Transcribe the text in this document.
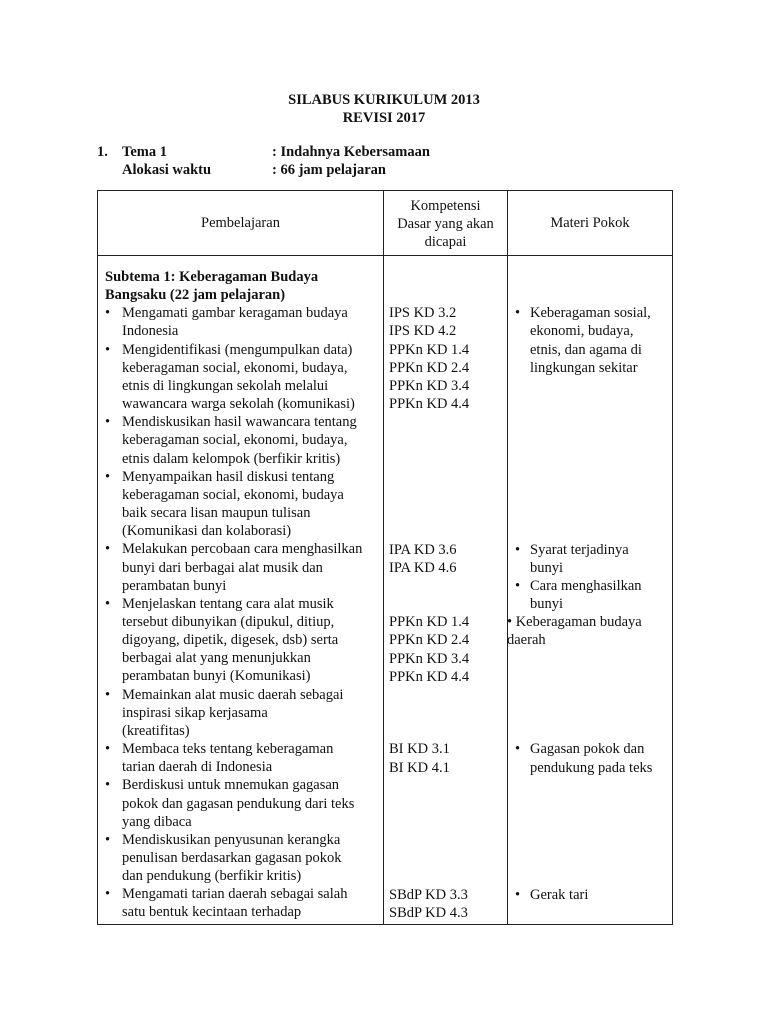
SILABUS KURIKULUM 2013
REVISI 2017
1. Tema 1	: Indahnya Kebersamaan
Alokasi waktu	: 66 jam pelajaran
Pembelajaran
Kompetensi
Dasar yang akan
dicapai
Materi Pokok
Subtema 1: Keberagaman Budaya
Bangsaku (22 jam pelajaran)
• Mengamati gambar keragaman budaya
Indonesia
• Mengidentifikasi (mengumpulkan data)
keberagaman social, ekonomi, budaya,
etnis di lingkungan sekolah melalui
wawancara warga sekolah (komunikasi)
• Mendiskusikan hasil wawancara tentang
keberagaman social, ekonomi, budaya,
etnis dalam kelompok (berfikir kritis)
• Menyampaikan hasil diskusi tentang
keberagaman social, ekonomi, budaya
baik secara lisan maupun tulisan
(Komunikasi dan kolaborasi)
• Melakukan percobaan cara menghasilkan
bunyi dari berbagai alat musik dan
perambatan bunyi
• Menjelaskan tentang cara alat musik
tersebut dibunyikan (dipukul, ditiup,
digoyang, dipetik, digesek, dsb) serta
berbagai alat yang menunjukkan
perambatan bunyi (Komunikasi)
• Memainkan alat music daerah sebagai
inspirasi sikap kerjasama
(kreatifitas)
• Membaca teks tentang keberagaman
tarian daerah di Indonesia
• Berdiskusi untuk mnemukan gagasan
pokok dan gagasan pendukung dari teks
yang dibaca
• Mendiskusikan penyusunan kerangka
penulisan berdasarkan gagasan pokok
dan pendukung (berfikir kritis)
• Mengamati tarian daerah sebagai salah
satu bentuk kecintaan terhadap
IPS KD 3.2
IPS KD 4.2
PPKn KD 1.4
PPKn KD 2.4
PPKn KD 3.4
PPKn KD 4.4
IPA KD 3.6
IPA KD 4.6
PPKn KD 1.4
PPKn KD 2.4
PPKn KD 3.4
PPKn KD 4.4
BI KD 3.1
BI KD 4.1
SBdP KD 3.3
SBdP KD 4.3
• Keberagaman sosial,
ekonomi, budaya,
etnis, dan agama di
lingkungan sekitar
• Syarat terjadinya
bunyi
• Cara menghasilkan
bunyi
• Keberagaman budaya
daerah
• Gagasan pokok dan
pendukung pada teks
• Gerak tari
